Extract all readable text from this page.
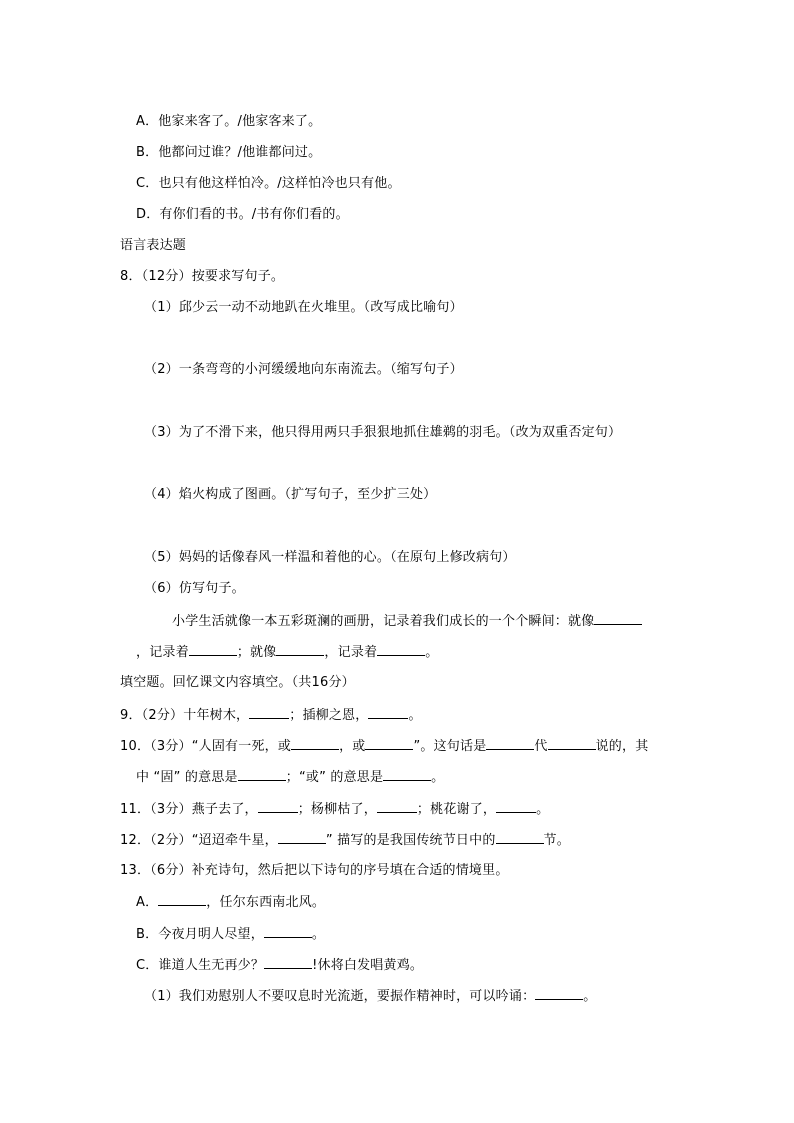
A．他家来客了。/他家客来了。
B．他都问过谁？/他谁都问过。
C．也只有他这样怕冷。/这样怕冷也只有他。
D．有你们看的书。/书有你们看的。
语言表达题
8．（12分）按要求写句子。
（1）邱少云一动不动地趴在火堆里。（改写成比喻句）
（2）一条弯弯的小河缓缓地向东南流去。（缩写句子）
（3）为了不滑下来，他只得用两只手狠狠地抓住雄鹈的羽毛。（改为双重否定句）
（4）焰火构成了图画。（扩写句子，至少扩三处）
（5）妈妈的话像春风一样温和着他的心。（在原句上修改病句）
（6）仿写句子。
小学生活就像一本五彩斑澜的画册，记录着我们成长的一个个瞬间：就像
，记录着	；就像	，记录着	。
填空题。回忆课文内容填空。（共16分）
9．（2分）十年树木，	；插柳之恩，	。
10．（3分）“人固有一死，或	，或	”。这句话是	代	说的，其
中 “固” 的意思是	；“或” 的意思是	。
11．（3分）燕子去了，	；杨柳枯了，	；桃花谢了，	。
12．（2分）“迢迢牵牛星，	” 描写的是我国传统节日中的	节。
13．（6分）补充诗句，然后把以下诗句的序号填在合适的情境里。
A．	，任尔东西南北风。
B．今夜月明人尽望，	。
C．谁道人生无再少？	!休将白发唱黄鸡。
（1）我们劝慰别人不要叹息时光流逝，要振作精神时，可以吟诵：	。
